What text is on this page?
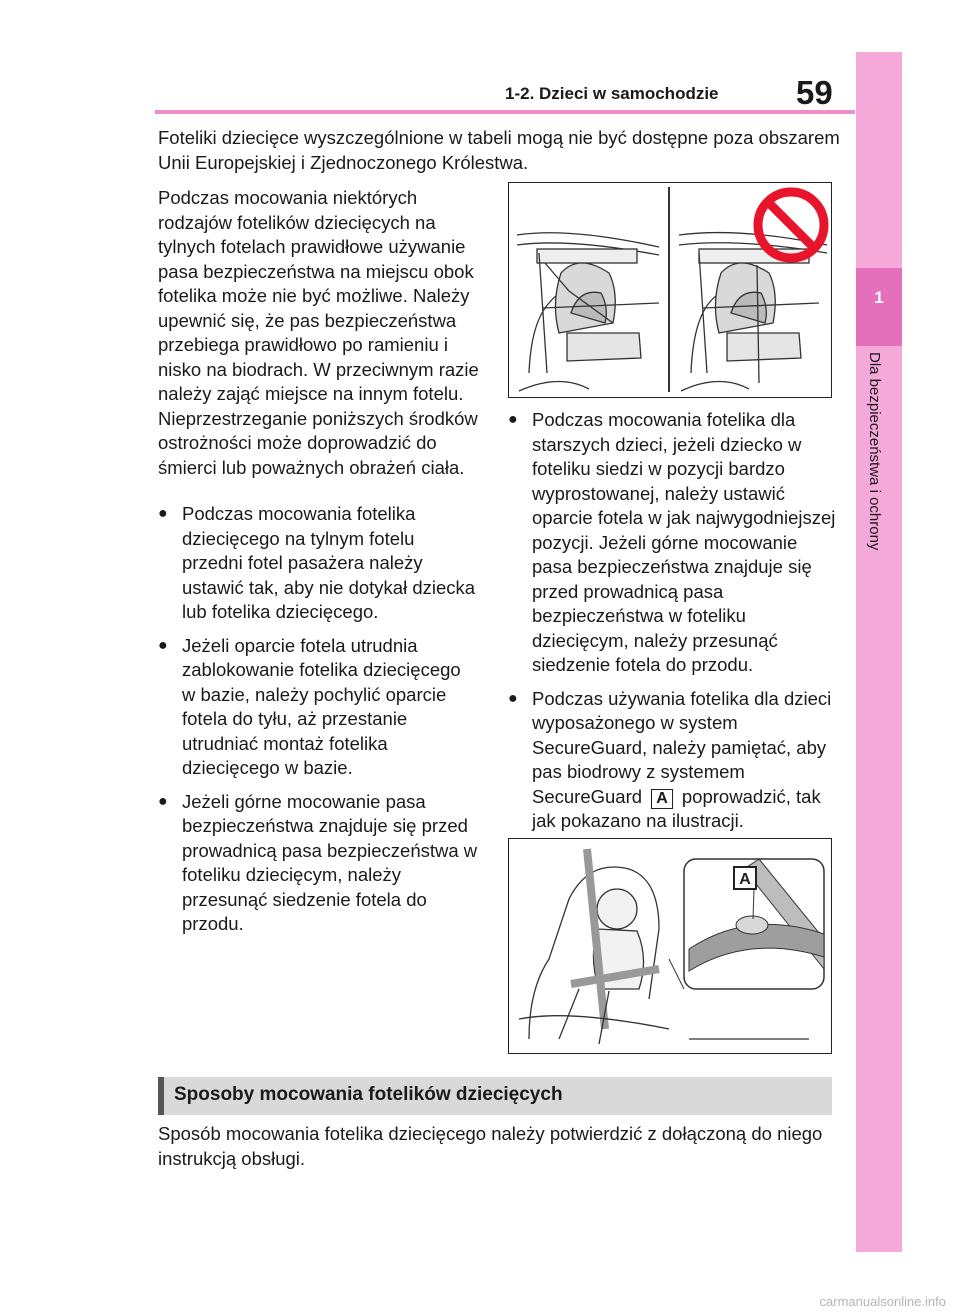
1-2. Dzieci w samochodzie 59
1
Dla bezpieczeństwa i ochrony

Foteliki dziecięce wyszczególnione w tabeli mogą nie być dostępne poza obszarem Unii Europejskiej i Zjednoczonego Królestwa.

Podczas mocowania niektórych rodzajów fotelików dziecięcych na tylnych fotelach prawidłowe używanie pasa bezpieczeństwa na miejscu obok fotelika może nie być możliwe. Należy upewnić się, że pas bezpieczeństwa przebiega prawidłowo po ramieniu i nisko na biodrach. W przeciwnym razie należy zająć miejsce na innym fotelu. Nieprzestrzeganie poniższych środków ostrożności może doprowadzić do śmierci lub poważnych obrażeń ciała.

● Podczas mocowania fotelika dziecięcego na tylnym fotelu przedni fotel pasażera należy ustawić tak, aby nie dotykał dziecka lub fotelika dziecięcego.
● Jeżeli oparcie fotela utrudnia zablokowanie fotelika dziecięcego w bazie, należy pochylić oparcie fotela do tyłu, aż przestanie utrudniać montaż fotelika dziecięcego w bazie.
● Jeżeli górne mocowanie pasa bezpieczeństwa znajduje się przed prowadnicą pasa bezpieczeństwa w foteliku dziecięcym, należy przesunąć siedzenie fotela do przodu.
● Podczas mocowania fotelika dla starszych dzieci, jeżeli dziecko w foteliku siedzi w pozycji bardzo wyprostowanej, należy ustawić oparcie fotela w jak najwygodniejszej pozycji. Jeżeli górne mocowanie pasa bezpieczeństwa znajduje się przed prowadnicą pasa bezpieczeństwa w foteliku dziecięcym, należy przesunąć siedzenie fotela do przodu.
● Podczas używania fotelika dla dzieci wyposażonego w system SecureGuard, należy pamiętać, aby pas biodrowy z systemem SecureGuard A poprowadzić, tak jak pokazano na ilustracji.
A
Sposoby mocowania fotelików dziecięcych

Sposób mocowania fotelika dziecięcego należy potwierdzić z dołączoną do niego instrukcją obsługi.

carmanualsonline.info
